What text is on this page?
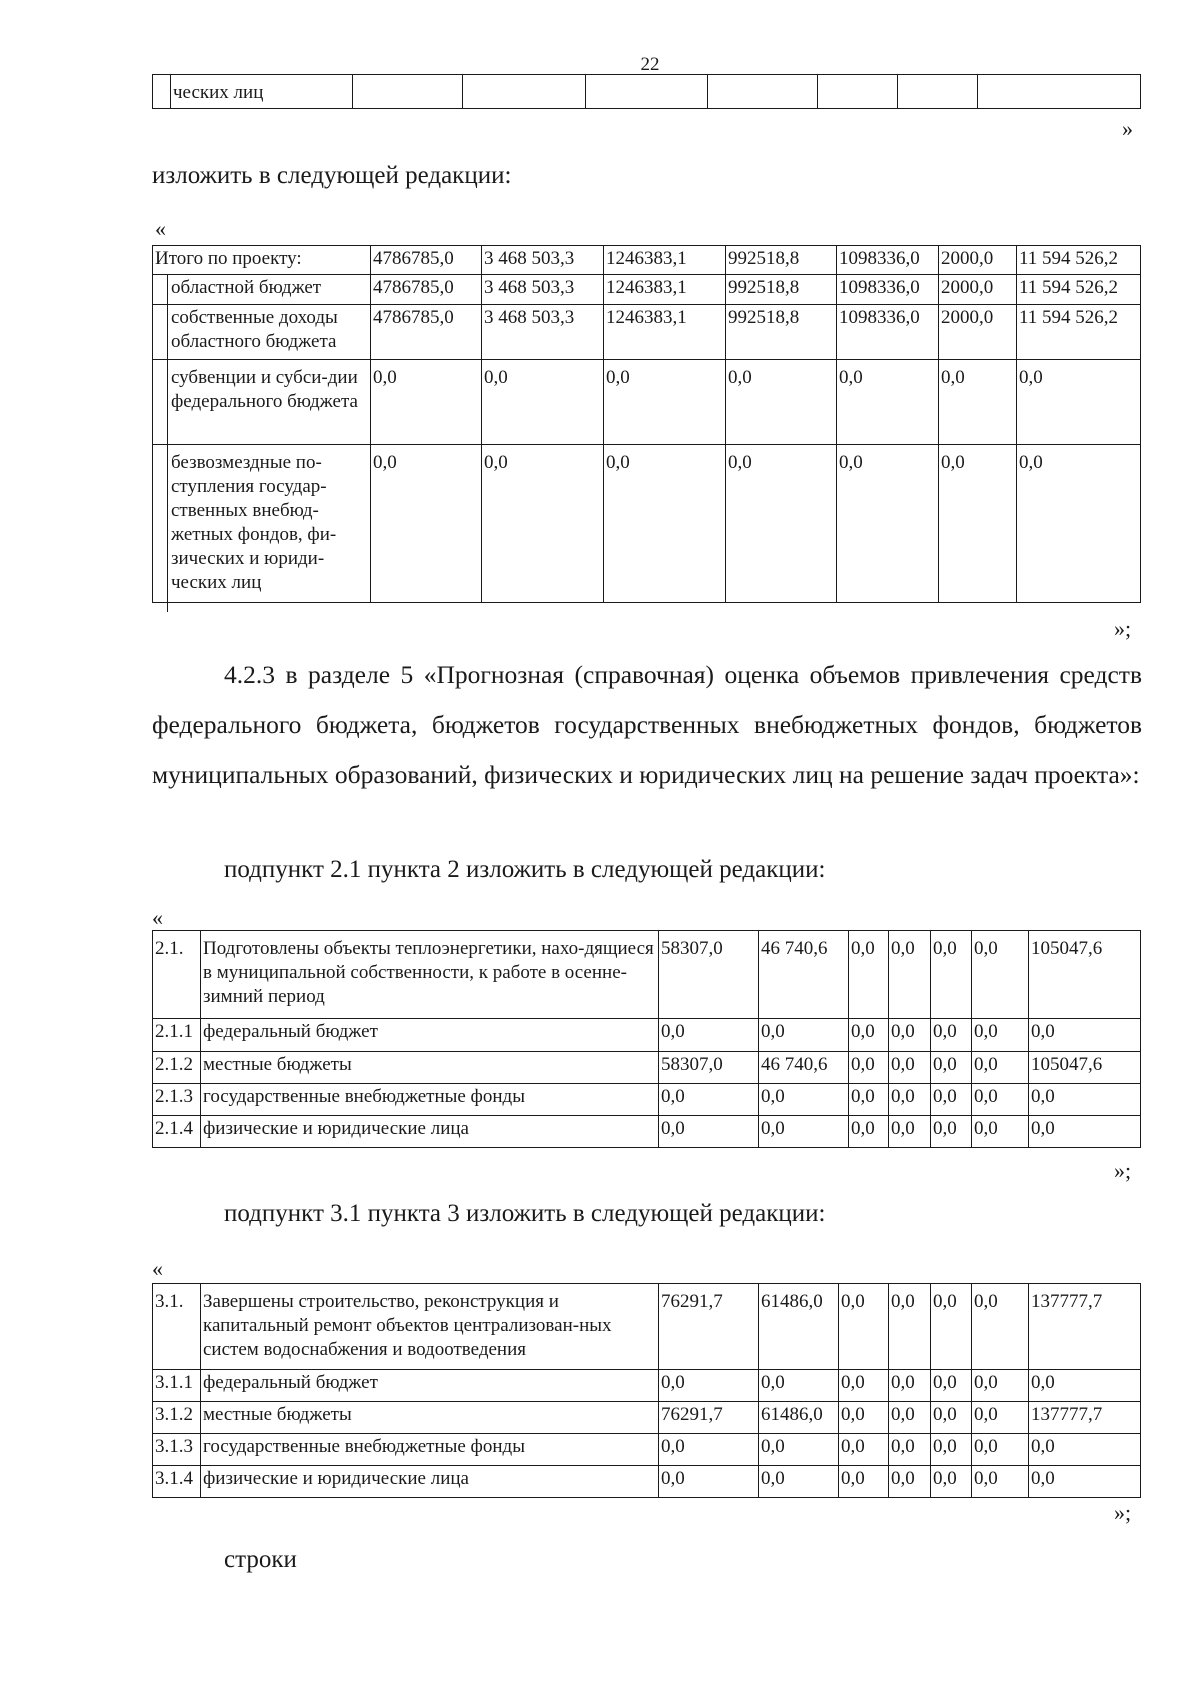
22
	ческих лиц							
»
изложить в следующей редакции:
«
Итого по проекту:	4786785,0	3 468 503,3	1246383,1	992518,8	1098336,0	2000,0	11 594 526,2
областной бюджет	4786785,0	3 468 503,3	1246383,1	992518,8	1098336,0	2000,0	11 594 526,2
собственные доходы областного бюджета	4786785,0	3 468 503,3	1246383,1	992518,8	1098336,0	2000,0	11 594 526,2
субвенции и субси-дии федерального бюджета	0,0	0,0	0,0	0,0	0,0	0,0	0,0
безвозмездные по-ступления государ-ственных внебюд-жетных фондов, фи-зических и юриди-ческих лиц	0,0	0,0	0,0	0,0	0,0	0,0	0,0
»;
4.2.3 в разделе 5 «Прогнозная (справочная) оценка объемов привлечения средств федерального бюджета, бюджетов государственных внебюджетных фондов, бюджетов муниципальных образований, физических и юридических лиц на решение задач проекта»:
подпункт 2.1 пункта 2 изложить в следующей редакции:
«
2.1.	Подготовлены объекты теплоэнергетики, нахо-дящиеся в муниципальной собственности, к работе в осенне-зимний период	58307,0	46 740,6	0,0	0,0	0,0	0,0	105047,6
2.1.1	федеральный бюджет	0,0	0,0	0,0	0,0	0,0	0,0	0,0
2.1.2	местные бюджеты	58307,0	46 740,6	0,0	0,0	0,0	0,0	105047,6
2.1.3	государственные внебюджетные фонды	0,0	0,0	0,0	0,0	0,0	0,0	0,0
2.1.4	физические и юридические лица	0,0	0,0	0,0	0,0	0,0	0,0	0,0
»;
подпункт 3.1 пункта 3 изложить в следующей редакции:
«
3.1.	Завершены строительство, реконструкция и капитальный ремонт объектов централизован-ных систем водоснабжения и водоотведения	76291,7	61486,0	0,0	0,0	0,0	0,0	137777,7
3.1.1	федеральный бюджет	0,0	0,0	0,0	0,0	0,0	0,0	0,0
3.1.2	местные бюджеты	76291,7	61486,0	0,0	0,0	0,0	0,0	137777,7
3.1.3	государственные внебюджетные фонды	0,0	0,0	0,0	0,0	0,0	0,0	0,0
3.1.4	физические и юридические лица	0,0	0,0	0,0	0,0	0,0	0,0	0,0
»;
строки
